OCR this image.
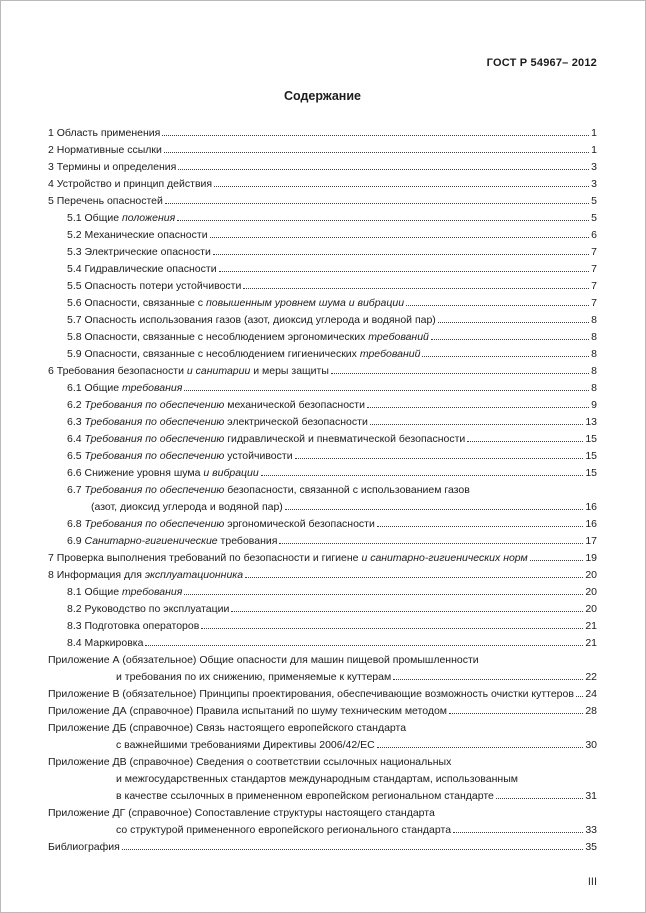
ГОСТ Р 54967– 2012
Содержание
1 Область применения	1
2 Нормативные ссылки	1
3 Термины и определения	3
4 Устройство и принцип действия	3
5 Перечень опасностей	5
5.1 Общие положения	5
5.2 Механические опасности	6
5.3 Электрические опасности	7
5.4 Гидравлические опасности	7
5.5 Опасность потери устойчивости	7
5.6 Опасности, связанные с повышенным уровнем шума и вибрации	7
5.7 Опасность использования газов (азот, диоксид углерода и водяной пар)	8
5.8 Опасности, связанные с несоблюдением эргономических требований	8
5.9 Опасности, связанные с несоблюдением гигиенических требований	8
6 Требования безопасности и санитарии и меры защиты	8
6.1 Общие требования	8
6.2 Требования по обеспечению механической безопасности	9
6.3 Требования по обеспечению электрической безопасности	13
6.4 Требования по обеспечению гидравлической и пневматической безопасности	15
6.5 Требования по обеспечению устойчивости	15
6.6 Снижение уровня шума и вибрации	15
6.7 Требования по обеспечению безопасности, связанной с использованием газов
(азот, диоксид углерода и водяной пар)	16
6.8 Требования по обеспечению эргономической безопасности	16
6.9 Санитарно-гигиенические требования	17
7 Проверка выполнения требований по безопасности и гигиене и санитарно-гигиенических норм	19
8 Информация для эксплуатационника	20
8.1 Общие требования	20
8.2 Руководство по эксплуатации	20
8.3 Подготовка операторов	21
8.4 Маркировка	21
Приложение А (обязательное) Общие опасности для машин пищевой промышленности
и требования по их снижению, применяемые к куттерам	22
Приложение В (обязательное) Принципы проектирования, обеспечивающие возможность очистки куттеров 24
Приложение ДА (справочное) Правила испытаний по шуму техническим методом	28
Приложение ДБ (справочное) Связь настоящего европейского стандарта
с важнейшими требованиями Директивы 2006/42/ЕС	30
Приложение ДВ (справочное) Сведения о соответствии ссылочных национальных
и межгосударственных стандартов международным стандартам, использованным
в качестве ссылочных в примененном европейском региональном стандарте	31
Приложение ДГ (справочное) Сопоставление структуры настоящего стандарта
со структурой примененного европейского регионального стандарта	33
Библиография	35
III
